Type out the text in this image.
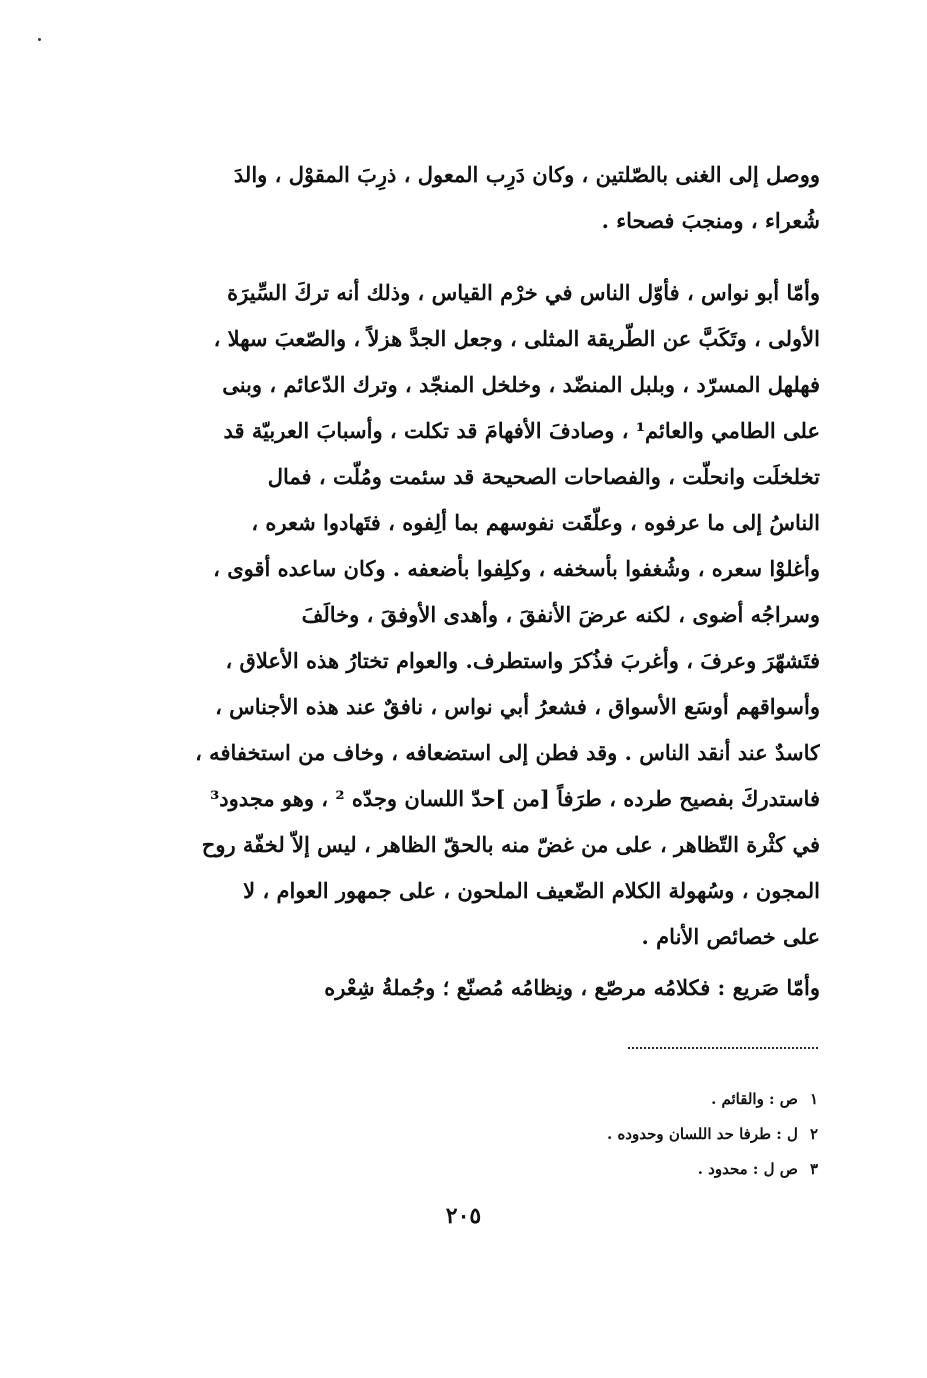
ووصل إلى الغنى بالصّلتين ، وكان دَرِب المعول ، ذرِبَ المقوْل ، والدَ
شُعراء ، ومنجبَ فصحاء .
وأمّا أبو نواس ، فأوّل الناس في خرْم القياس ، وذلك أنه تركَ السِّيرَة
الأولى ، وتَكَبَّ عن الطّريقة المثلى ، وجعل الجدَّ هزلاً ، والصّعبَ سهلا ،
فهلهل المسرّد ، وبلبل المنضّد ، وخلخل المنجّد ، وترك الدّعائم ، وبنى
على الطامي والعائم¹ ، وصادفَ الأفهامَ قد تكلت ، وأسبابَ العربيّة قد
تخلخلَت وانحلّت ، والفصاحات الصحيحة قد سئمت ومُلّت ، فمال
الناسُ إلى ما عرفوه ، وعلّقَت نفوسهم بما ألِفوه ، فتَهادوا شعره ،
وأغلوْا سعره ، وشُغفوا بأسخفه ، وكلِفوا بأضعفه . وكان ساعده أقوى ،
وسراجُه أضوى ، لكنه عرضَ الأنفقَ ، وأهدى الأوفقَ ، وخالَفَ
فتَشهّرَ وعرفَ ، وأغربَ فذُكرَ واستطرف. والعوام تختارُ هذه الأعلاق ،
وأسواقهم أوسَع الأسواق ، فشعرُ أبي نواس ، نافقٌ عند هذه الأجناس ،
كاسدٌ عند أنقد الناس . وقد فطن إلى استضعافه ، وخاف من استخفافه ،
فاستدركَ بفصيح طرده ، طرَفاً [من ]حدّ اللسان وجدّه ² ، وهو مجدود³
في كثْرة التّظاهر ، على من غضّ منه بالحقّ الظاهر ، ليس إلاّ لخفّة روح
المجون ، وسُهولة الكلام الضّعيف الملحون ، على جمهور العوام ، لا
على خصائص الأنام .
وأمّا صَريع : فكلامُه مرصّع ، ونِظامُه مُصنّع ؛ وجُملةُ شِعْره
١ص : والقائم .
٢ل : طرفا حد اللسان وحدوده .
٣ص ل : محدود .
٢٠٥
